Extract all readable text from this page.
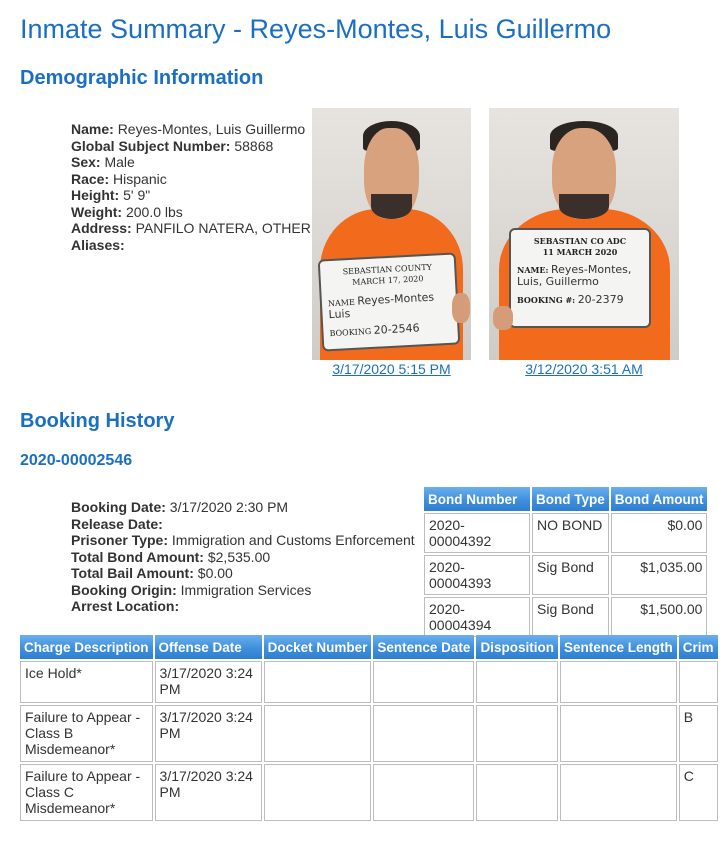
Inmate Summary - Reyes-Montes, Luis Guillermo
Demographic Information
Name: Reyes-Montes, Luis Guillermo
Global Subject Number: 58868
Sex: Male
Race: Hispanic
Height: 5' 9"
Weight: 200.0 lbs
Address: PANFILO NATERA, OTHER
Aliases:
SEBASTIAN COUNTY
MARCH 17, 2020
NAME Reyes-Montes Luis
BOOKING 20-2546
3/17/2020 5:15 PM
SEBASTIAN CO ADC
11 MARCH 2020
NAME: Reyes-Montes, Luis, Guillermo
BOOKING #: 20-2379
3/12/2020 3:51 AM
Booking History
2020-00002546
Booking Date: 3/17/2020 2:30 PM
Release Date:
Prisoner Type: Immigration and Customs Enforcement
Total Bond Amount: $2,535.00
Total Bail Amount: $0.00
Booking Origin: Immigration Services
Arrest Location:
Bond Number	Bond Type	Bond Amount
2020-00004392	NO BOND	$0.00
2020-00004393	Sig Bond	$1,035.00
2020-00004394	Sig Bond	$1,500.00
Charge Description	Offense Date	Docket Number	Sentence Date	Disposition	Sentence Length	Crim
Ice Hold*	3/17/2020 3:24 PM					
Failure to Appear - Class B Misdemeanor*	3/17/2020 3:24 PM					B
Failure to Appear - Class C Misdemeanor*	3/17/2020 3:24 PM					C
